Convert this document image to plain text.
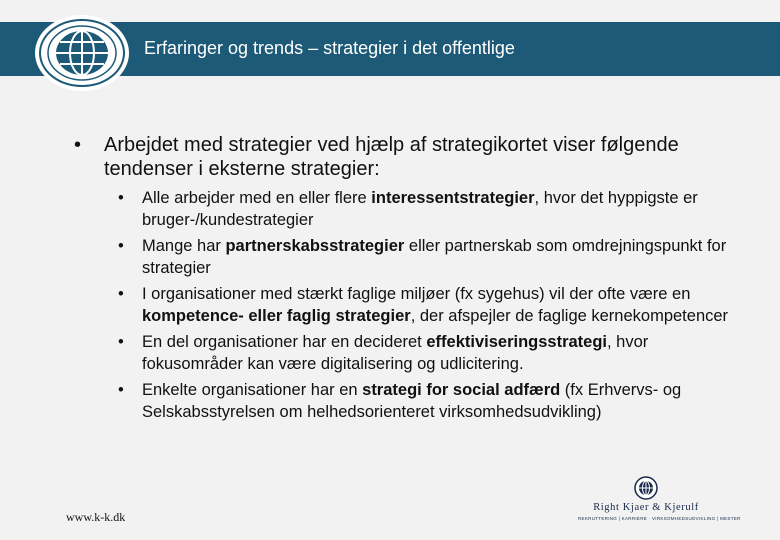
Erfaringer og trends – strategier i det offentlige
• Arbejdet med strategier ved hjælp af strategikortet viser følgende tendenser i eksterne strategier:
• Alle arbejder med en eller flere interessentstrategier, hvor det hyppigste er bruger-/kundestrategier
• Mange har partnerskabsstrategier eller partnerskab som omdrejningspunkt for strategier
• I organisationer med stærkt faglige miljøer (fx sygehus) vil der ofte være en kompetence- eller faglig strategier, der afspejler de faglige kernekompetencer
• En del organisationer har en decideret effektiviseringsstrategi, hvor fokusområder kan være digitalisering og udlicitering.
• Enkelte organisationer har en strategi for social adfærd (fx Erhvervs- og Selskabsstyrelsen om helhedsorienteret virksomhedsudvikling)
www.k-k.dk
Right Kjaer & Kjerulf
REKRUTTERING | KARRIERE · VIRKSOMHEDSUDVIKLING | MESTER
